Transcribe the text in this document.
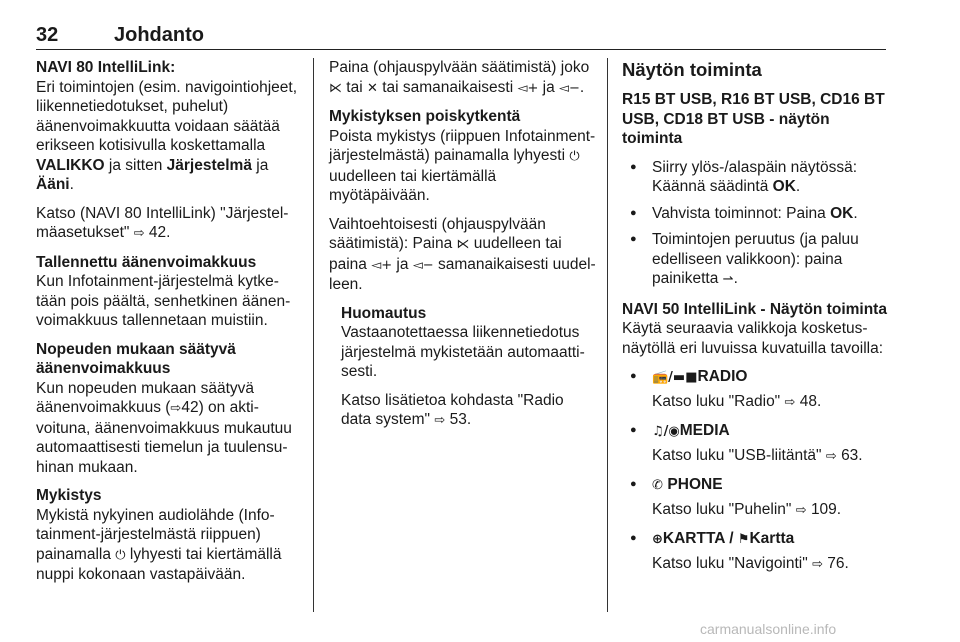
32	Johdanto

NAVI 80 IntelliLink:
Eri toimintojen (esim. navigointiohjeet, liikennetiedotukset, puhelut) äänenvoimakkuutta voidaan säätää erikseen kotisivulla koskettamalla VALIKKO ja sitten Järjestelmä ja Ääni.

Katso (NAVI 80 IntelliLink) "Järjestelmäasetukset" ⇨ 42.

Tallennettu äänenvoimakkuus
Kun Infotainment-järjestelmä kytketään pois päältä, senhetkinen äänenvoimakkuus tallennetaan muistiin.

Nopeuden mukaan säätyvä äänenvoimakkuus
Kun nopeuden mukaan säätyvä äänenvoimakkuus (⇨42) on aktivoituna, äänenvoimakkuus mukautuu automaattisesti tiemelun ja tuulensuhinan mukaan.

Mykistys
Mykistä nykyinen audiolähde (Infotainment-järjestelmästä riippuen) painamalla ⏻ lyhyesti tai kiertämällä nuppi kokonaan vastapäivään.

Paina (ohjauspylvään säätimistä) joko ⋉ tai ✕ tai samanaikaisesti ◅+ ja ◅−.

Mykistyksen poiskytkentä
Poista mykistys (riippuen Infotainment-järjestelmästä) painamalla lyhyesti ⏻ uudelleen tai kiertämällä myötäpäivään.

Vaihtoehtoisesti (ohjauspylvään säätimistä): Paina ⋉ uudelleen tai paina ◅+ ja ◅− samanaikaisesti uudelleen.

Huomautus

Vastaanotettaessa liikennetiedotus järjestelmä mykistetään automaattisesti.

Katso lisätietoa kohdasta "Radio data system" ⇨ 53.

Näytön toiminta

R15 BT USB, R16 BT USB, CD16 BT USB, CD18 BT USB - näytön toiminta

● Siirry ylös-/alaspäin näytössä: Käännä säädintä OK.
● Vahvista toiminnot: Paina OK.
● Toimintojen peruutus (ja paluu edelliseen valikkoon): paina painiketta ⇀.

NAVI 50 IntelliLink - Näytön toiminta
Käytä seuraavia valikkoja kosketusnäytöllä eri luvuissa kuvatuilla tavoilla:

● 📻/▬■RADIO
Katso luku "Radio" ⇨ 48.
● ♫/◉MEDIA
Katso luku "USB-liitäntä" ⇨ 63.
● ✆ PHONE
Katso luku "Puhelin" ⇨ 109.
● ⊕KARTTA / ⚑Kartta
Katso luku "Navigointi" ⇨ 76.
carmanualsonline.info
